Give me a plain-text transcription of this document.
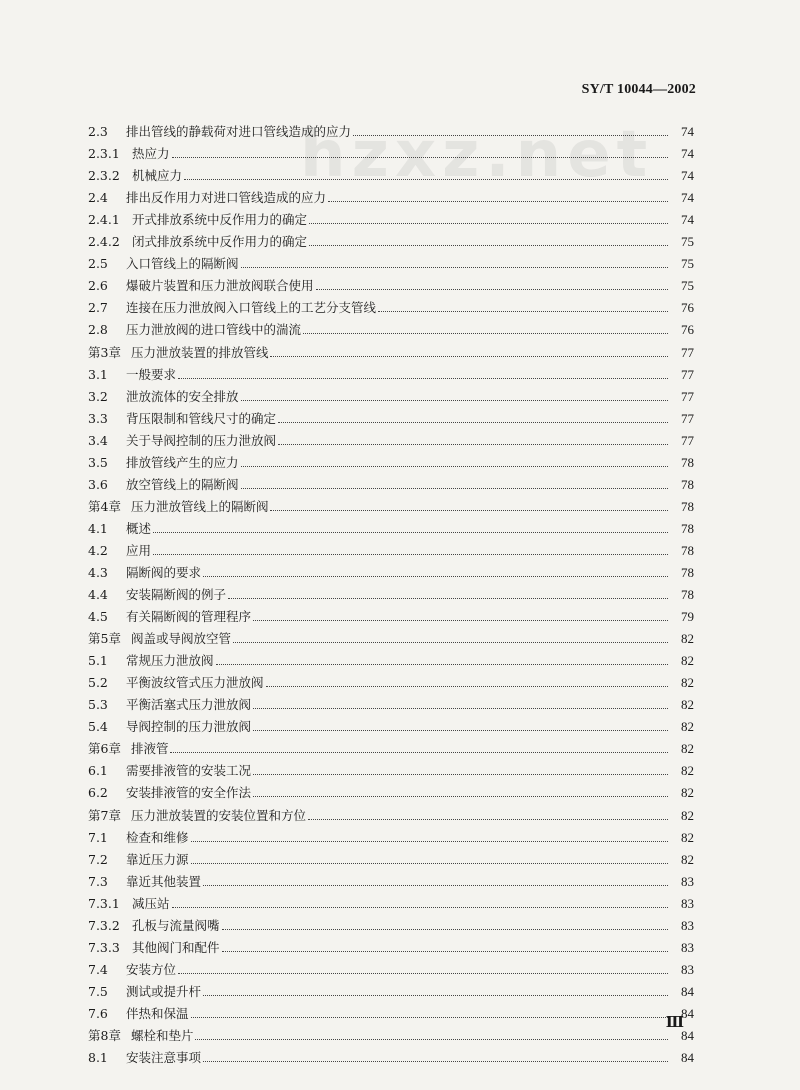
hzxz.net
SY/T 10044—2002
2.3	排出管线的静载荷对进口管线造成的应力	74
2.3.1 热应力	74
2.3.2 机械应力	74
2.4	排出反作用力对进口管线造成的应力	74
2.4.1 开式排放系统中反作用力的确定	74
2.4.2 闭式排放系统中反作用力的确定	75
2.5	入口管线上的隔断阀	75
2.6	爆破片装置和压力泄放阀联合使用	75
2.7	连接在压力泄放阀入口管线上的工艺分支管线	76
2.8	压力泄放阀的进口管线中的湍流	76
第3章 压力泄放装置的排放管线	77
3.1	一般要求	77
3.2	泄放流体的安全排放	77
3.3	背压限制和管线尺寸的确定	77
3.4	关于导阀控制的压力泄放阀	77
3.5	排放管线产生的应力	78
3.6	放空管线上的隔断阀	78
第4章 压力泄放管线上的隔断阀	78
4.1	概述	78
4.2	应用	78
4.3	隔断阀的要求	78
4.4	安装隔断阀的例子	78
4.5	有关隔断阀的管理程序	79
第5章 阀盖或导阀放空管	82
5.1	常规压力泄放阀	82
5.2	平衡波纹管式压力泄放阀	82
5.3	平衡活塞式压力泄放阀	82
5.4	导阀控制的压力泄放阀	82
第6章 排液管	82
6.1	需要排液管的安装工况	82
6.2	安装排液管的安全作法	82
第7章 压力泄放装置的安装位置和方位	82
7.1	检查和维修	82
7.2	靠近压力源	82
7.3	靠近其他装置	83
7.3.1 减压站	83
7.3.2 孔板与流量阀嘴	83
7.3.3 其他阀门和配件	83
7.4	安装方位	83
7.5	测试或提升杆	84
7.6	伴热和保温	84
第8章 螺栓和垫片	84
8.1	安装注意事项	84
Ⅲ
